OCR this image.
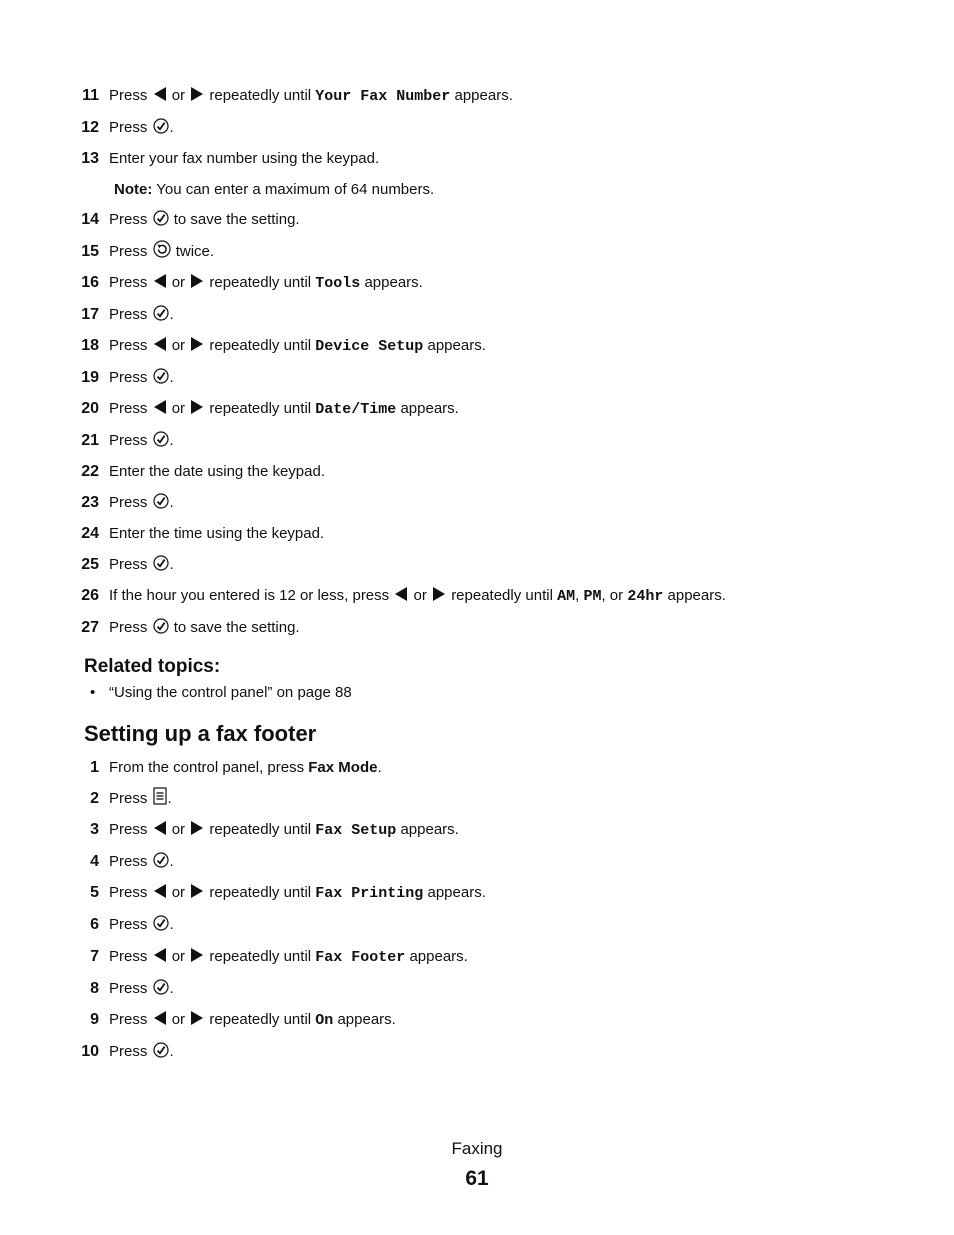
11 Press or repeatedly until Your Fax Number appears.
12 Press .
13 Enter your fax number using the keypad.
14 Press to save the setting.
15 Press twice.
16 Press or repeatedly until Tools appears.
17 Press .
18 Press or repeatedly until Device Setup appears.
19 Press .
20 Press or repeatedly until Date/Time appears.
21 Press .
22 Enter the date using the keypad.
23 Press .
24 Enter the time using the keypad.
25 Press .
26 If the hour you entered is 12 or less, press or repeatedly until AM, PM, or 24hr appears.
27 Press to save the setting.
Note: You can enter a maximum of 64 numbers.
Related topics:
• “Using the control panel” on page 88
Setting up a fax footer
1 From the control panel, press Fax Mode.
2 Press .
3 Press or repeatedly until Fax Setup appears.
4 Press .
5 Press or repeatedly until Fax Printing appears.
6 Press .
7 Press or repeatedly until Fax Footer appears.
8 Press .
9 Press or repeatedly until On appears.
10 Press .
Faxing
61
